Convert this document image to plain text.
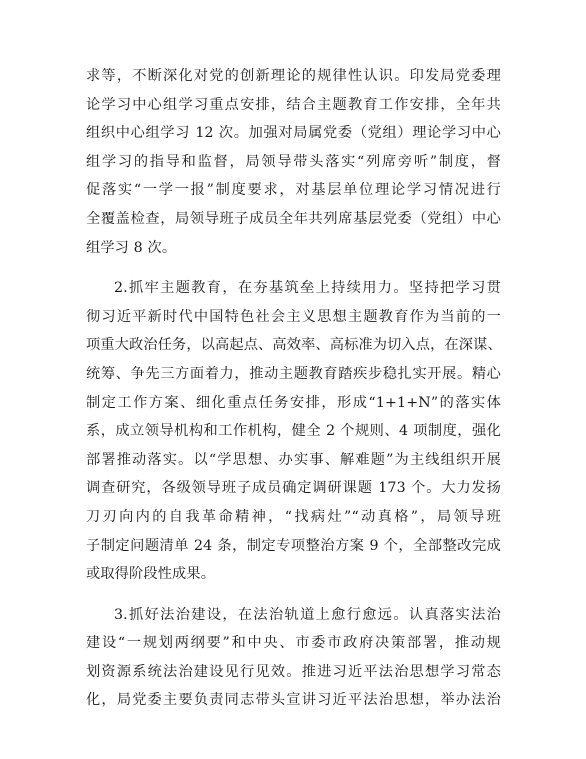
求等，不断深化对党的创新理论的规律性认识。印发局党委理
论学习中心组学习重点安排，结合主题教育工作安排，全年共
组织中心组学习 12 次。加强对局属党委（党组）理论学习中心
组学习的指导和监督，局领导带头落实“列席旁听”制度，督
促落实“一学一报”制度要求，对基层单位理论学习情况进行
全覆盖检查，局领导班子成员全年共列席基层党委（党组）中心
组学习 8 次。
2.抓牢主题教育，在夯基筑垒上持续用力。坚持把学习贯
彻习近平新时代中国特色社会主义思想主题教育作为当前的一
项重大政治任务，以高起点、高效率、高标准为切入点，在深谋、
统筹、争先三方面着力，推动主题教育踏疾步稳扎实开展。精心
制定工作方案、细化重点任务安排，形成“1+1+N”的落实体
系，成立领导机构和工作机构，健全 2 个规则、4 项制度，强化
部署推动落实。以“学思想、办实事、解难题”为主线组织开展
调查研究，各级领导班子成员确定调研课题 173 个。大力发扬
刀刃向内的自我革命精神，“找病灶”“动真格”，局领导班
子制定问题清单 24 条，制定专项整治方案 9 个，全部整改完成
或取得阶段性成果。
3.抓好法治建设，在法治轨道上愈行愈远。认真落实法治
建设“一规划两纲要”和中央、市委市政府决策部署，推动规
划资源系统法治建设见行见效。推进习近平法治思想学习常态
化，局党委主要负责同志带头宣讲习近平法治思想，举办法治
